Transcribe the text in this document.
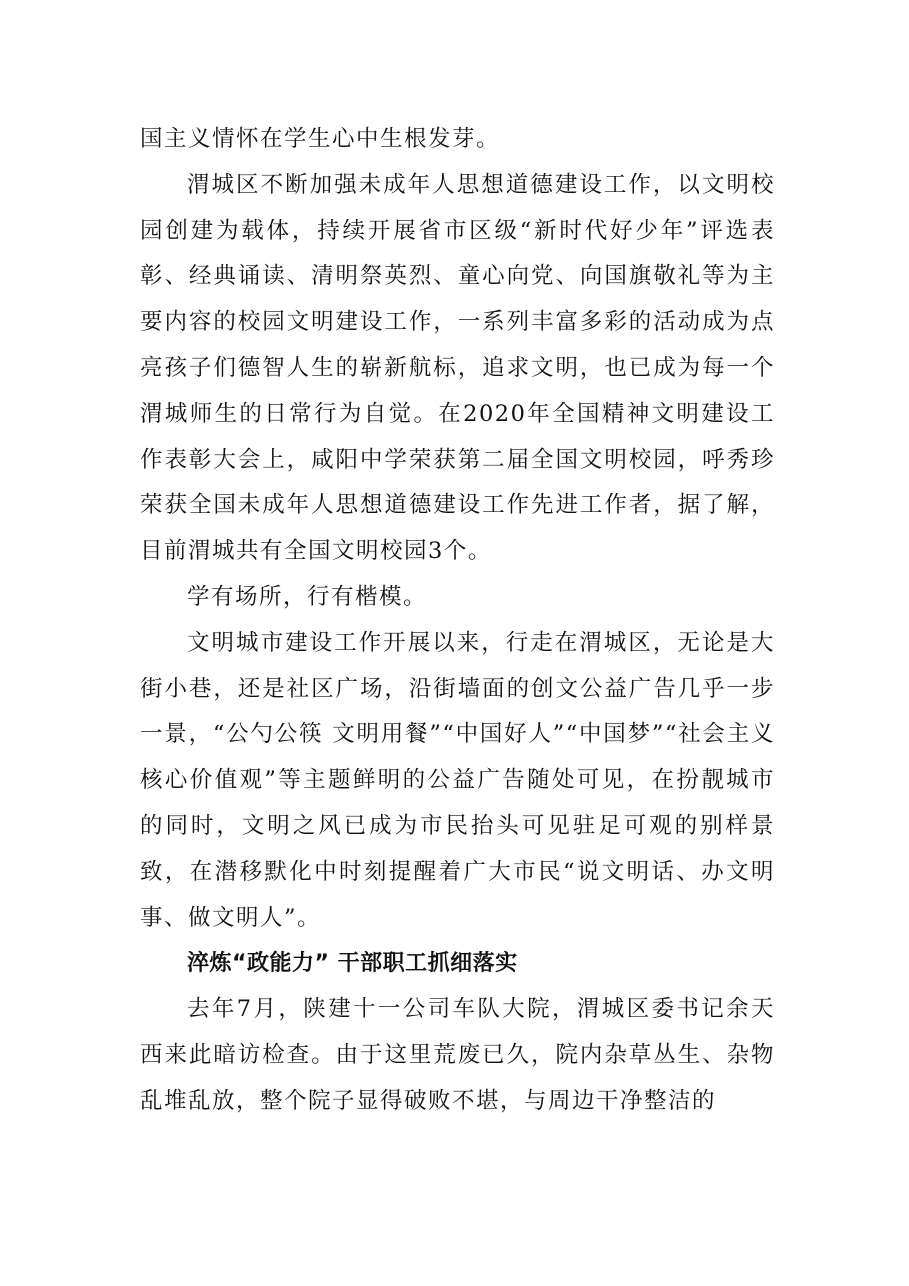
国主义情怀在学生心中生根发芽。

渭城区不断加强未成年人思想道德建设工作，以文明校园创建为载体，持续开展省市区级“新时代好少年”评选表彰、经典诵读、清明祭英烈、童心向党、向国旗敬礼等为主要内容的校园文明建设工作，一系列丰富多彩的活动成为点亮孩子们德智人生的崭新航标，追求文明，也已成为每一个渭城师生的日常行为自觉。在2020年全国精神文明建设工作表彰大会上，咸阳中学荣获第二届全国文明校园，呼秀珍荣获全国未成年人思想道德建设工作先进工作者，据了解，目前渭城共有全国文明校园3个。

学有场所，行有楷模。

文明城市建设工作开展以来，行走在渭城区，无论是大街小巷，还是社区广场，沿街墙面的创文公益广告几乎一步一景，“公勺公筷 文明用餐”“中国好人”“中国梦”“社会主义核心价值观”等主题鲜明的公益广告随处可见，在扮靓城市的同时，文明之风已成为市民抬头可见驻足可观的别样景致，在潜移默化中时刻提醒着广大市民“说文明话、办文明事、做文明人”。

淬炼“政能力” 干部职工抓细落实

去年7月，陕建十一公司车队大院，渭城区委书记余天西来此暗访检查。由于这里荒废已久，院内杂草丛生、杂物乱堆乱放，整个院子显得破败不堪，与周边干净整洁的
